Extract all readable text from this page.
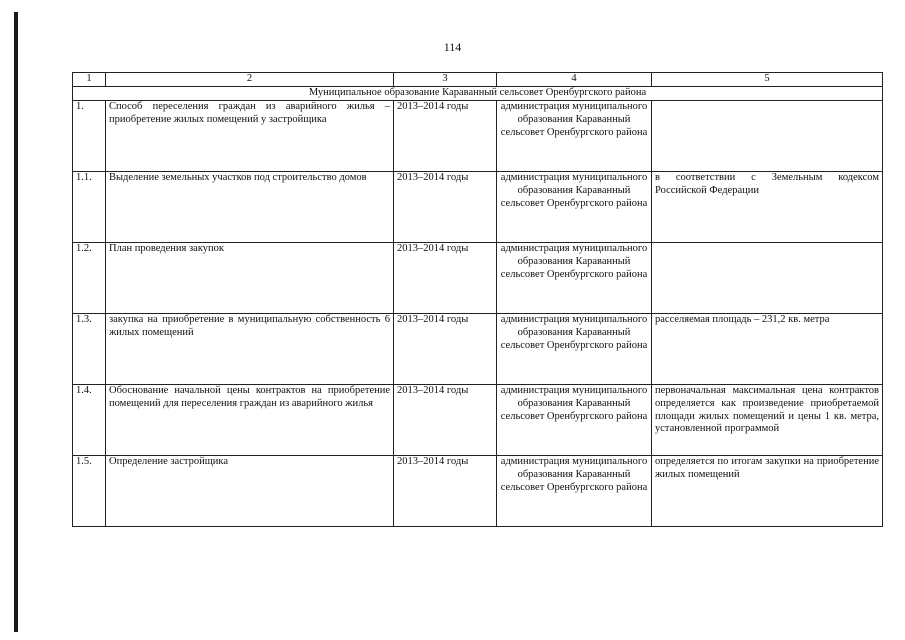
114
1	2	3	4	5
Муниципальное образование Караванный сельсовет Оренбургского района				
1.	Способ переселения граждан из аварийного жилья – приобретение жилых помещений у застройщика	2013–2014 годы	администрация муниципального образования Караванный сельсовет Оренбургского района	
1.1.	Выделение земельных участков под строительство домов	2013–2014 годы	администрация муниципального образования Караванный сельсовет Оренбургского района	в соответствии с Земельным кодексом Российской Федерации
1.2.	План проведения закупок	2013–2014 годы	администрация муниципального образования Караванный сельсовет Оренбургского района	
1.3.	закупка на приобретение в муниципальную собственность 6 жилых помещений	2013–2014 годы	администрация муниципального образования Караванный сельсовет Оренбургского района	расселяемая площадь – 231,2 кв. метра
1.4.	Обоснование начальной цены контрактов на приобретение помещений для переселения граждан из аварийного жилья	2013–2014 годы	администрация муниципального образования Караванный сельсовет Оренбургского района	первоначальная максимальная цена контрактов определяется как произведение приобретаемой площади жилых помещений и цены 1 кв. метра, установленной программой
1.5.	Определение застройщика	2013–2014 годы	администрация муниципального образования Караванный сельсовет Оренбургского района	определяется по итогам закупки на приобретение жилых помещений
